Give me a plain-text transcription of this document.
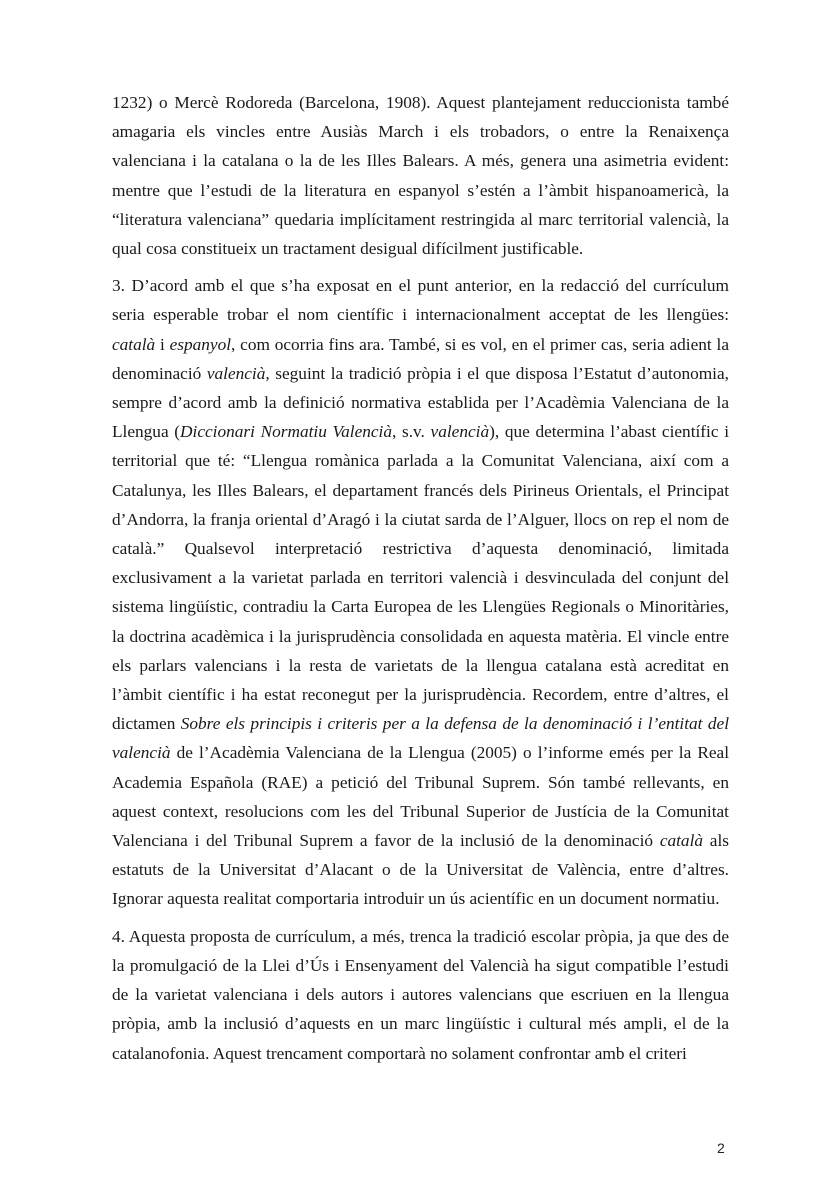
1232) o Mercè Rodoreda (Barcelona, 1908). Aquest plantejament reduccionista també amagaria els vincles entre Ausiàs March i els trobadors, o entre la Renaixença valenciana i la catalana o la de les Illes Balears. A més, genera una asimetria evident: mentre que l’estudi de la literatura en espanyol s’estén a l’àmbit hispanoamericà, la “literatura valenciana” quedaria implícitament restringida al marc territorial valencià, la qual cosa constitueix un tractament desigual difícilment justificable.

3. D’acord amb el que s’ha exposat en el punt anterior, en la redacció del currículum seria esperable trobar el nom científic i internacionalment acceptat de les llengües: català i espanyol, com ocorria fins ara. També, si es vol, en el primer cas, seria adient la denominació valencià, seguint la tradició pròpia i el que disposa l’Estatut d’autonomia, sempre d’acord amb la definició normativa establida per l’Acadèmia Valenciana de la Llengua (Diccionari Normatiu Valencià, s.v. valencià), que determina l’abast científic i territorial que té: “Llengua romànica parlada a la Comunitat Valenciana, així com a Catalunya, les Illes Balears, el departament francés dels Pirineus Orientals, el Principat d’Andorra, la franja oriental d’Aragó i la ciutat sarda de l’Alguer, llocs on rep el nom de català.” Qualsevol interpretació restrictiva d’aquesta denominació, limitada exclusivament a la varietat parlada en territori valencià i desvinculada del conjunt del sistema lingüístic, contradiu la Carta Europea de les Llengües Regionals o Minoritàries, la doctrina acadèmica i la jurisprudència consolidada en aquesta matèria. El vincle entre els parlars valencians i la resta de varietats de la llengua catalana està acreditat en l’àmbit científic i ha estat reconegut per la jurisprudència. Recordem, entre d’altres, el dictamen Sobre els principis i criteris per a la defensa de la denominació i l’entitat del valencià de l’Acadèmia Valenciana de la Llengua (2005) o l’informe emés per la Real Academia Española (RAE) a petició del Tribunal Suprem. Són també rellevants, en aquest context, resolucions com les del Tribunal Superior de Justícia de la Comunitat Valenciana i del Tribunal Suprem a favor de la inclusió de la denominació català als estatuts de la Universitat d’Alacant o de la Universitat de València, entre d’altres. Ignorar aquesta realitat comportaria introduir un ús acientífic en un document normatiu.

4. Aquesta proposta de currículum, a més, trenca la tradició escolar pròpia, ja que des de la promulgació de la Llei d’Ús i Ensenyament del Valencià ha sigut compatible l’estudi de la varietat valenciana i dels autors i autores valencians que escriuen en la llengua pròpia, amb la inclusió d’aquests en un marc lingüístic i cultural més ampli, el de la catalanofonia. Aquest trencament comportarà no solament confrontar amb el criteri

2
